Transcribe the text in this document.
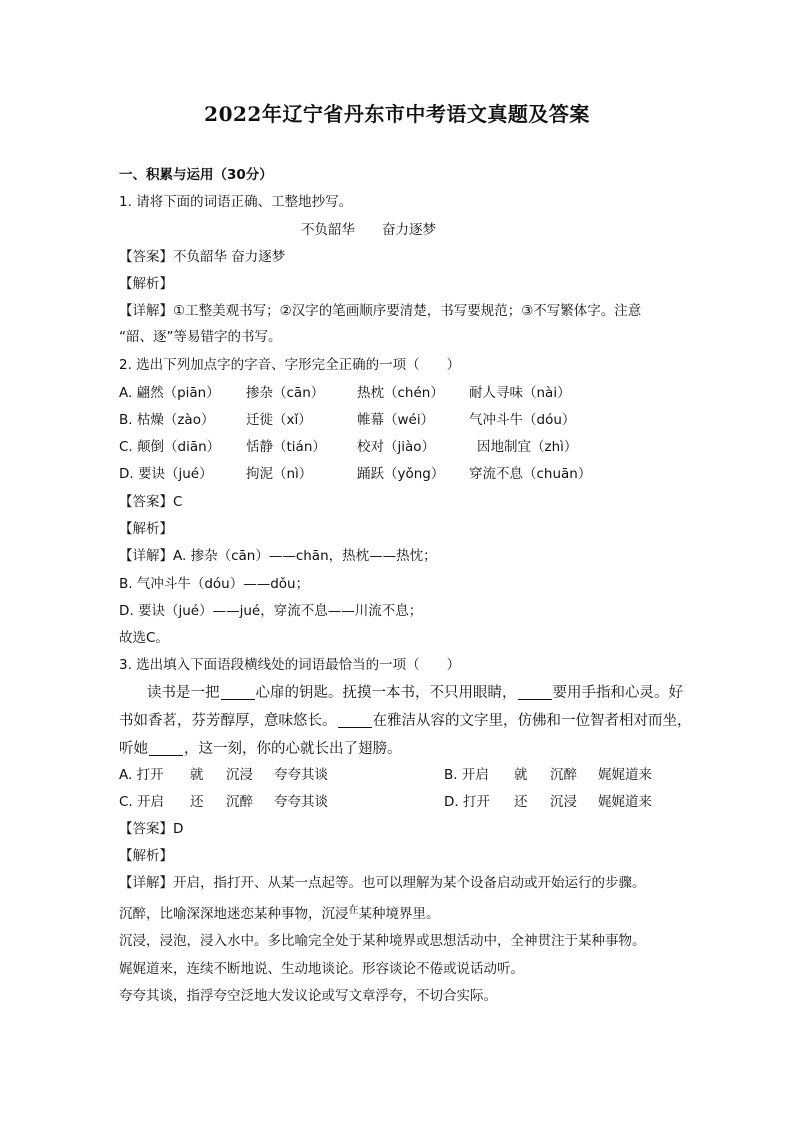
2022年辽宁省丹东市中考语文真题及答案
一、积累与运用（30分）
1. 请将下面的词语正确、工整地抄写。
不负韶华　　奋力逐梦
【答案】不负韶华 奋力逐梦
【解析】
【详解】①工整美观书写；②汉字的笔画顺序要清楚，书写要规范；③不写繁体字。注意
“韶、逐”等易错字的书写。
2. 选出下列加点字的字音、字形完全正确的一项（　　）
A. 翩然（piān） 掺杂（cān） 热枕（chén） 耐人寻味（nài）
B. 枯燥（zào） 迁徙（xǐ）	帷幕（wéi）	气冲斗牛（dóu）
C. 颠倒（diān） 恬静（tián） 校对（jiào）	因地制宜（zhì）
D. 要诀（jué） 拘泥（nì）	踊跃（yǒng） 穿流不息（chuān）
【答案】C
【解析】
【详解】A. 掺杂（cān）——chān，热枕——热忱；
B. 气冲斗牛（dóu）——dǒu；
D. 要诀（jué）——jué，穿流不息——川流不息；
故选C。
3. 选出填入下面语段横线处的词语最恰当的一项（　　）
读书是一把 心扉的钥匙。抚摸一本书，不只用眼睛， 要用手指和心灵。好
书如香茗，芬芳醇厚，意味悠长。 在雅洁从容的文字里，仿佛和一位智者相对而坐，
听她 ，这一刻，你的心就长出了翅膀。
A. 打开 就 沉浸 夸夸其谈	B. 开启 就 沉醉 娓娓道来
C. 开启 还 沉醉 夸夸其谈	D. 打开 还 沉浸 娓娓道来
【答案】D
【解析】
【详解】开启，指打开、从某一点起等。也可以理解为某个设备启动或开始运行的步骤。
沉醉，比喻深深地迷恋某种事物，沉浸$^在$某种境界里。
沉浸，浸泡，浸入水中。多比喻完全处于某种境界或思想活动中，全神贯注于某种事物。
娓娓道来，连续不断地说、生动地谈论。形容谈论不倦或说话动听。
夸夸其谈，指浮夸空泛地大发议论或写文章浮夸，不切合实际。
